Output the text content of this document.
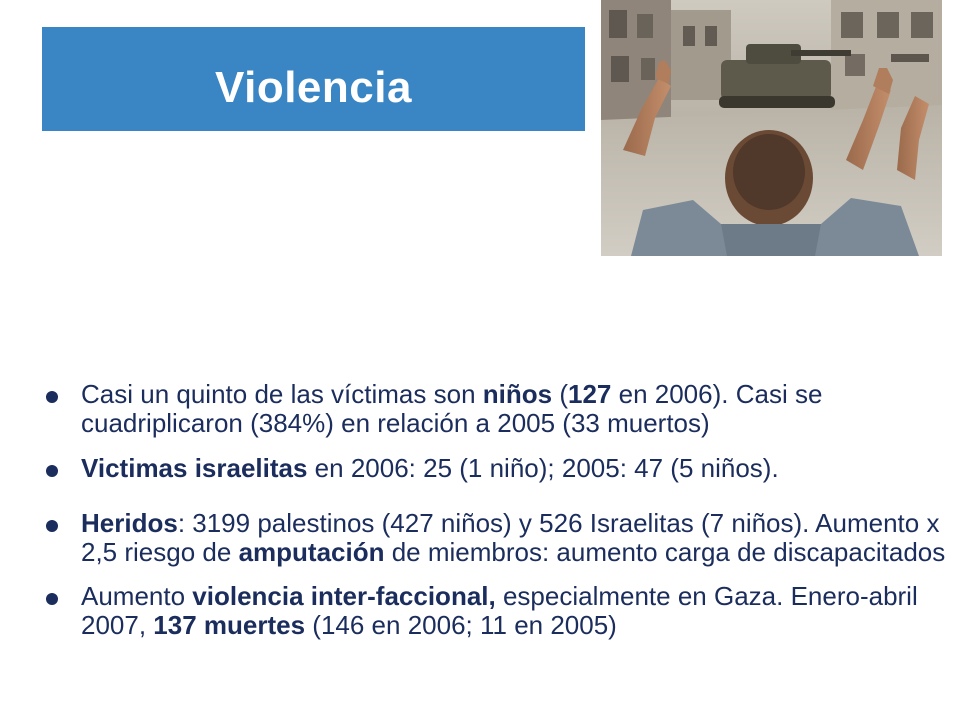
Violencia
Casi un quinto de las víctimas son niños (127 en 2006). Casi se cuadriplicaron (384%) en relación a 2005 (33 muertos)
Victimas israelitas en 2006: 25 (1 niño); 2005: 47 (5 niños).
Heridos: 3199 palestinos (427 niños) y 526 Israelitas (7 niños). Aumento x 2,5 riesgo de amputación de miembros: aumento carga de discapacitados
Aumento violencia inter-faccional, especialmente en Gaza. Enero-abril 2007, 137 muertes (146 en 2006; 11 en 2005)
